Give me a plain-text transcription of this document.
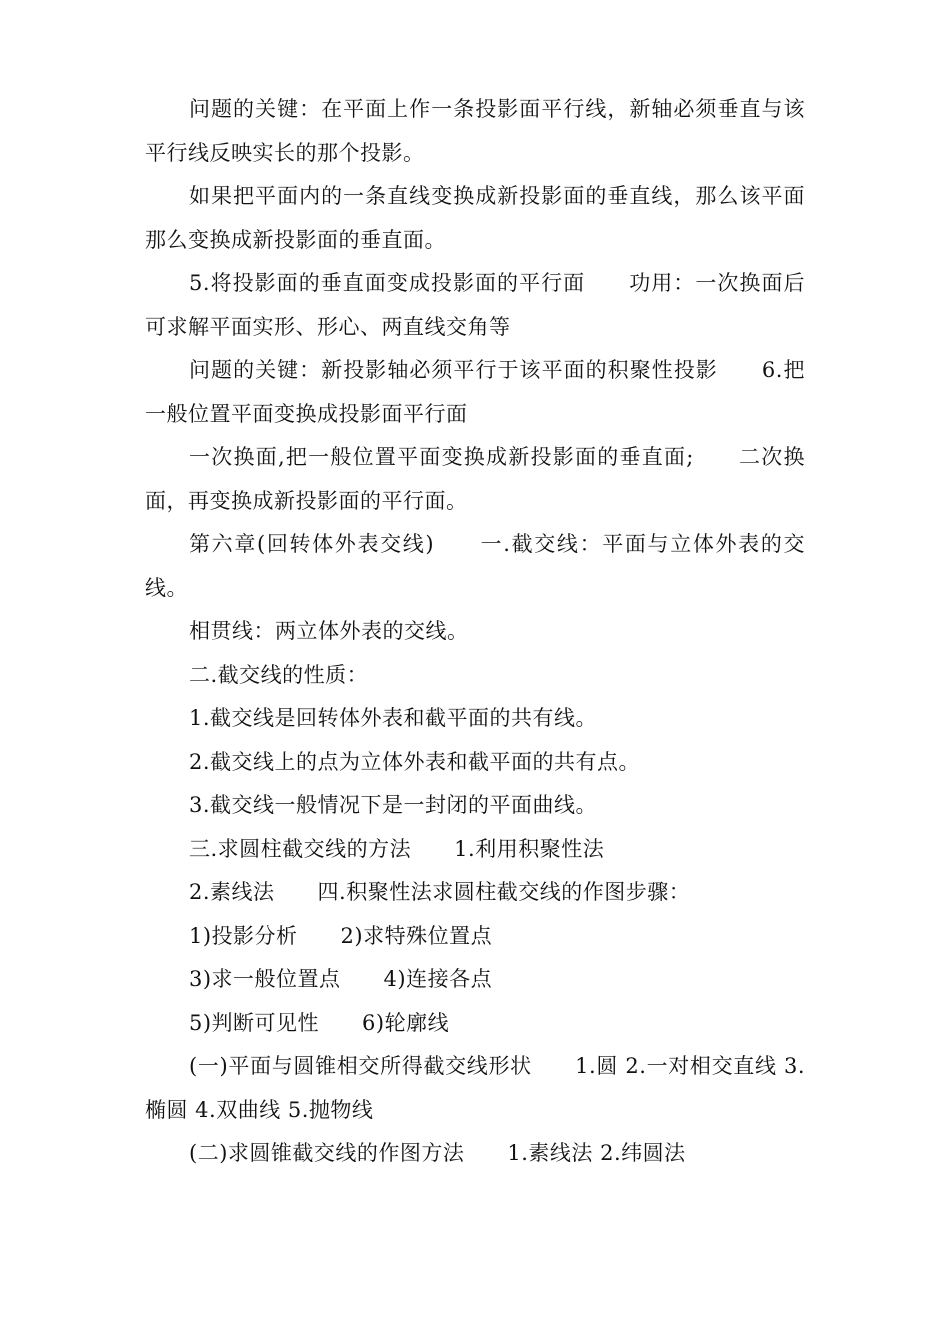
问题的关键：在平面上作一条投影面平行线，新轴必须垂直与该平行线反映实长的那个投影。

如果把平面内的一条直线变换成新投影面的垂直线，那么该平面那么变换成新投影面的垂直面。

5.将投影面的垂直面变成投影面的平行面　　功用：一次换面后可求解平面实形、形心、两直线交角等

问题的关键：新投影轴必须平行于该平面的积聚性投影　　6.把一般位置平面变换成投影面平行面

一次换面,把一般位置平面变换成新投影面的垂直面;　　二次换面，再变换成新投影面的平行面。

第六章(回转体外表交线)　　一.截交线：平面与立体外表的交线。

相贯线：两立体外表的交线。

二.截交线的性质：

1.截交线是回转体外表和截平面的共有线。

2.截交线上的点为立体外表和截平面的共有点。

3.截交线一般情况下是一封闭的平面曲线。

三.求圆柱截交线的方法　　1.利用积聚性法

2.素线法　　四.积聚性法求圆柱截交线的作图步骤：

1)投影分析　　2)求特殊位置点

3)求一般位置点　　4)连接各点

5)判断可见性　　6)轮廓线

(一)平面与圆锥相交所得截交线形状　　1.圆 2.一对相交直线 3.椭圆 4.双曲线 5.抛物线

(二)求圆锥截交线的作图方法　　1.素线法 2.纬圆法
